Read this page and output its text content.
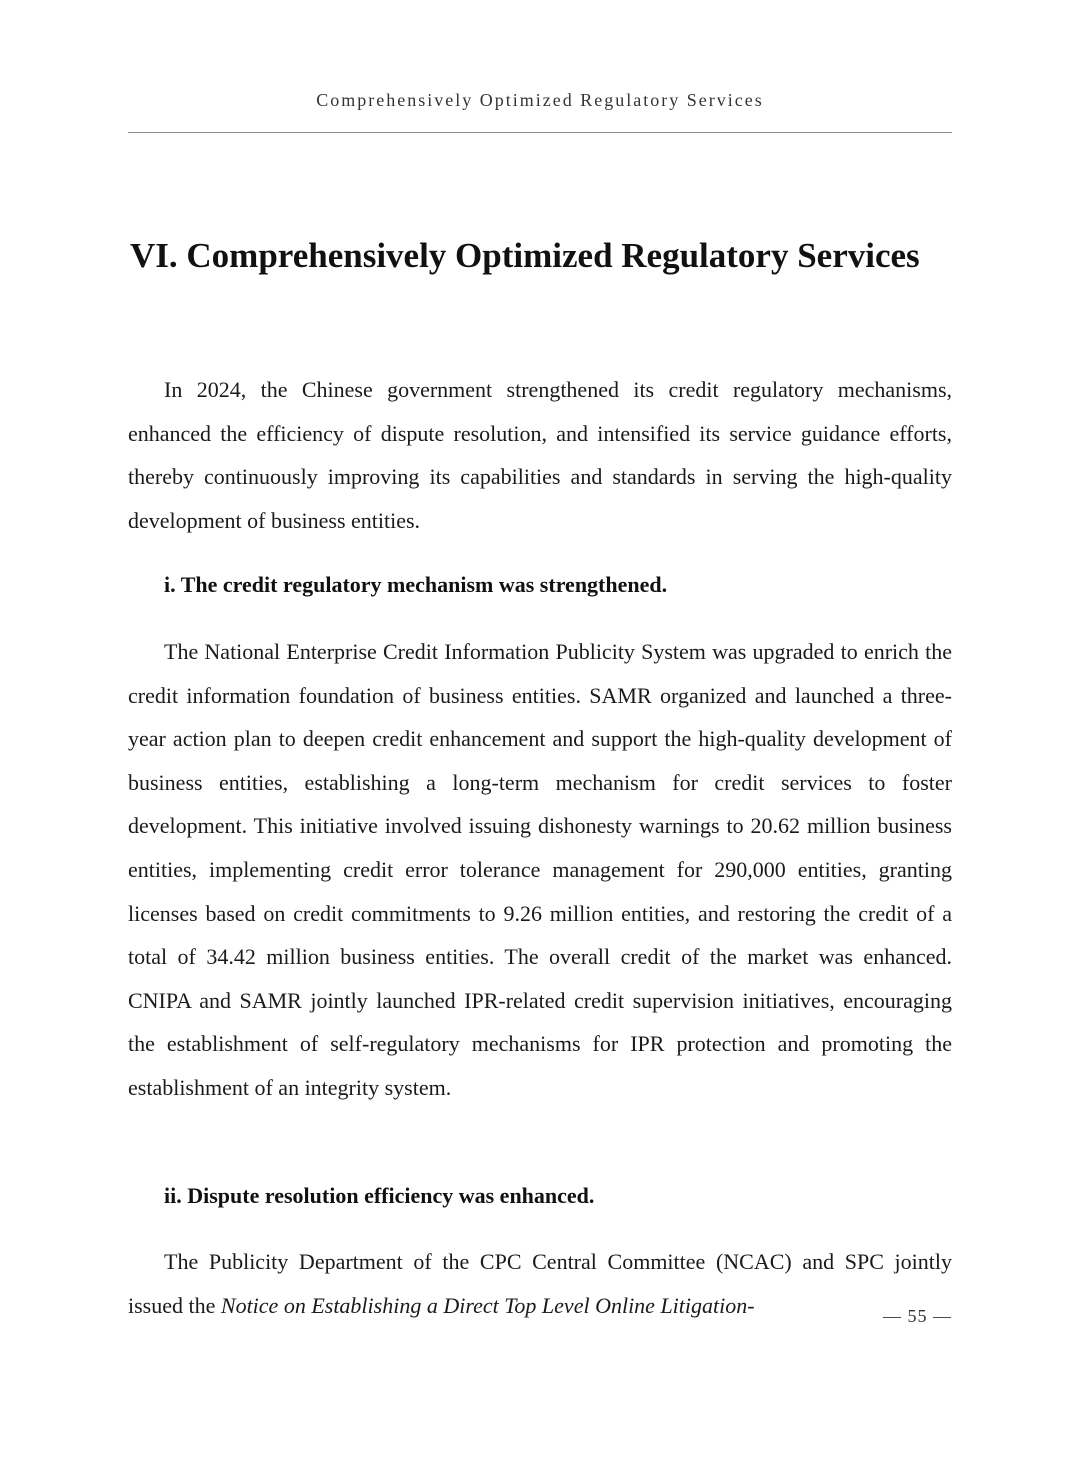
Comprehensively Optimized Regulatory Services
VI. Comprehensively Optimized Regulatory Services

In 2024, the Chinese government strengthened its credit regulatory mechanisms, enhanced the efficiency of dispute resolution, and intensified its service guidance efforts, thereby continuously improving its capabilities and standards in serving the high-quality development of business entities.

i. The credit regulatory mechanism was strengthened.

The National Enterprise Credit Information Publicity System was upgraded to enrich the credit information foundation of business entities. SAMR organized and launched a three-year action plan to deepen credit enhancement and support the high-quality development of business entities, establishing a long-term mechanism for credit services to foster development. This initiative involved issuing dishonesty warnings to 20.62 million business entities, implementing credit error tolerance management for 290,000 entities, granting licenses based on credit commitments to 9.26 million entities, and restoring the credit of a total of 34.42 million business entities. The overall credit of the market was enhanced. CNIPA and SAMR jointly launched IPR-related credit supervision initiatives, encouraging the establishment of self-regulatory mechanisms for IPR protection and promoting the establishment of an integrity system.

ii. Dispute resolution efficiency was enhanced.

The Publicity Department of the CPC Central Committee (NCAC) and SPC jointly issued the Notice on Establishing a Direct Top Level Online Litigation-	— 55 —
